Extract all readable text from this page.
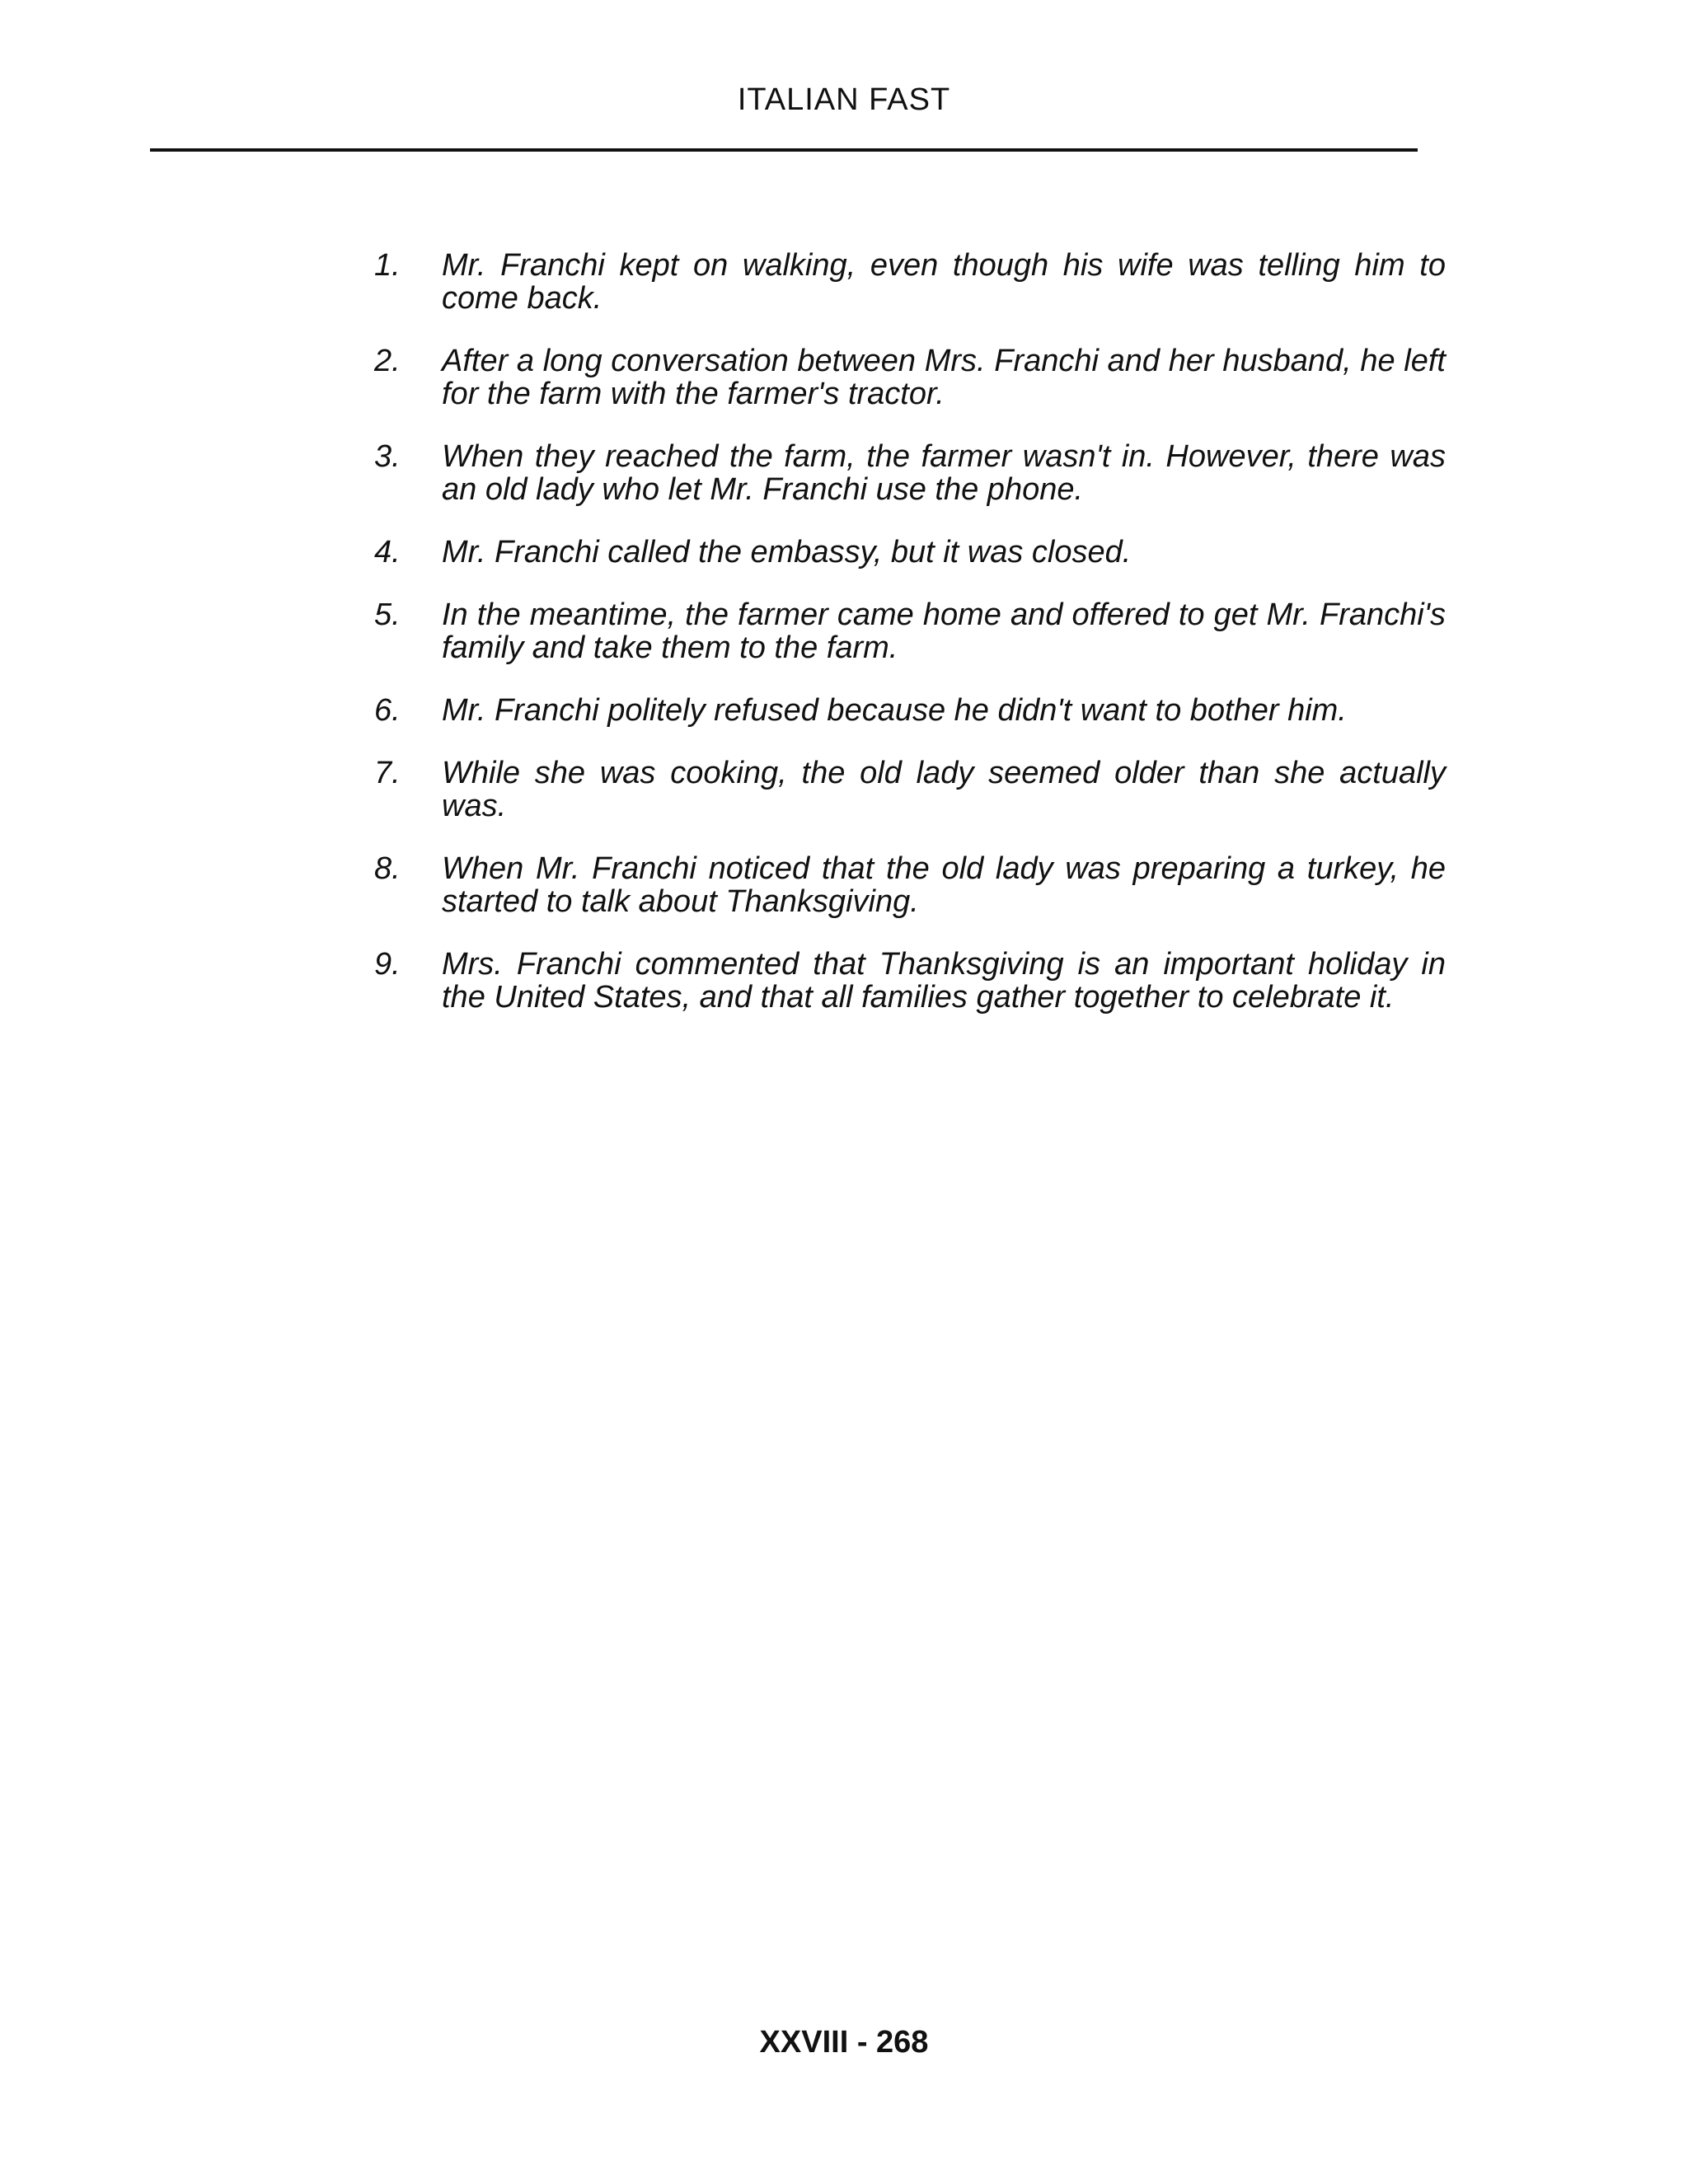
ITALIAN FAST
1. Mr. Franchi kept on walking, even though his wife was telling him to come back.
2. After a long conversation between Mrs. Franchi and her husband, he left for the farm with the farmer's tractor.
3. When they reached the farm, the farmer wasn't in. However, there was an old lady who let Mr. Franchi use the phone.
4. Mr. Franchi called the embassy, but it was closed.
5. In the meantime, the farmer came home and offered to get Mr. Franchi's family and take them to the farm.
6. Mr. Franchi politely refused because he didn't want to bother him.
7. While she was cooking, the old lady seemed older than she actually was.
8. When Mr. Franchi noticed that the old lady was preparing a turkey, he started to talk about Thanksgiving.
9. Mrs. Franchi commented that Thanksgiving is an important holiday in the United States, and that all families gather together to celebrate it.
XXVIII - 268
